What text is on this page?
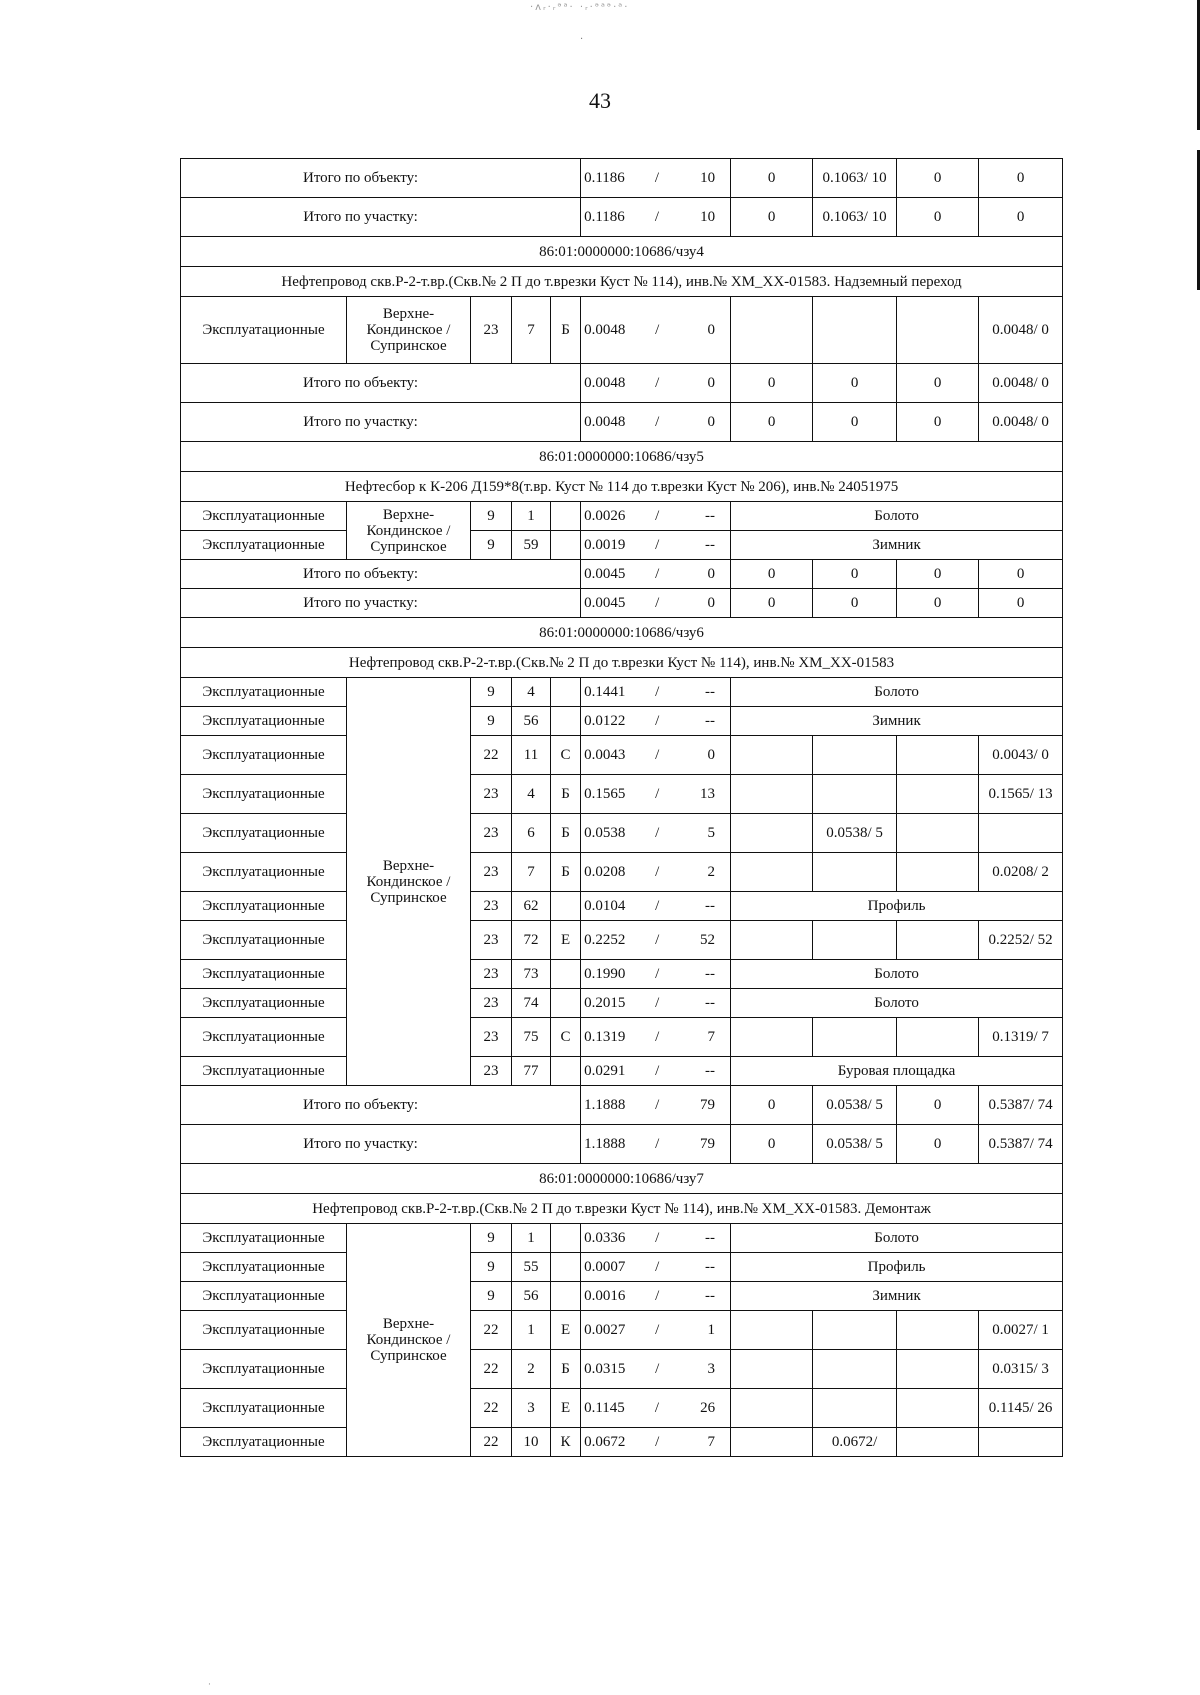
·ʌᵣ·ᵣᵊᵃ· ·ᵣ·ᵊᵃᵊ·ᵃ·
·
·
43
Итого по объекту:					0.1186 / 10	0	0.1063/ 10	0	0
Итого по участку:					0.1186 / 10	0	0.1063/ 10	0	0
86:01:0000000:10686/чзу4									
Нефтепровод скв.Р-2-т.вр.(Скв.№ 2 П до т.врезки Куст № 114), инв.№ ХМ_ХХ-01583. Надземный переход									
Эксплуатационные	Верхне-Кондинское / Супринское	23	7	Б	0.0048 / 0				0.0048/ 0
Итого по объекту:					0.0048 / 0	0	0	0	0.0048/ 0
Итого по участку:					0.0048 / 0	0	0	0	0.0048/ 0
86:01:0000000:10686/чзу5									
Нефтесбор к К-206 Д159*8(т.вр. Куст № 114 до т.врезки Куст № 206), инв.№ 24051975									
Эксплуатационные	Верхне-Кондинское / Супринское	9	1		0.0026 / --	Болото			
Эксплуатационные		9	59		0.0019 / --	Зимник			
Итого по объекту:					0.0045 / 0	0	0	0	0
Итого по участку:					0.0045 / 0	0	0	0	0
86:01:0000000:10686/чзу6									
Нефтепровод скв.Р-2-т.вр.(Скв.№ 2 П до т.врезки Куст № 114), инв.№ ХМ_ХХ-01583									
Эксплуатационные	Верхне-Кондинское / Супринское	9	4		0.1441 / --	Болото			
Эксплуатационные		9	56		0.0122 / --	Зимник			
Эксплуатационные		22	11	С	0.0043 / 0				0.0043/ 0
Эксплуатационные		23	4	Б	0.1565 / 13				0.1565/ 13
Эксплуатационные		23	6	Б	0.0538 / 5		0.0538/ 5		
Эксплуатационные		23	7	Б	0.0208 / 2				0.0208/ 2
Эксплуатационные		23	62		0.0104 / --	Профиль			
Эксплуатационные		23	72	Е	0.2252 / 52				0.2252/ 52
Эксплуатационные		23	73		0.1990 / --	Болото			
Эксплуатационные		23	74		0.2015 / --	Болото			
Эксплуатационные		23	75	С	0.1319 / 7				0.1319/ 7
Эксплуатационные		23	77		0.0291 / --	Буровая площадка			
Итого по объекту:					1.1888 / 79	0	0.0538/ 5	0	0.5387/ 74
Итого по участку:					1.1888 / 79	0	0.0538/ 5	0	0.5387/ 74
86:01:0000000:10686/чзу7									
Нефтепровод скв.Р-2-т.вр.(Скв.№ 2 П до т.врезки Куст № 114), инв.№ ХМ_ХХ-01583. Демонтаж									
Эксплуатационные	Верхне-Кондинское / Супринское	9	1		0.0336 / --	Болото			
Эксплуатационные		9	55		0.0007 / --	Профиль			
Эксплуатационные		9	56		0.0016 / --	Зимник			
Эксплуатационные		22	1	Е	0.0027 / 1				0.0027/ 1
Эксплуатационные		22	2	Б	0.0315 / 3				0.0315/ 3
Эксплуатационные		22	3	Е	0.1145 / 26				0.1145/ 26
Эксплуатационные		22	10	К	0.0672 / 7		0.0672/		
